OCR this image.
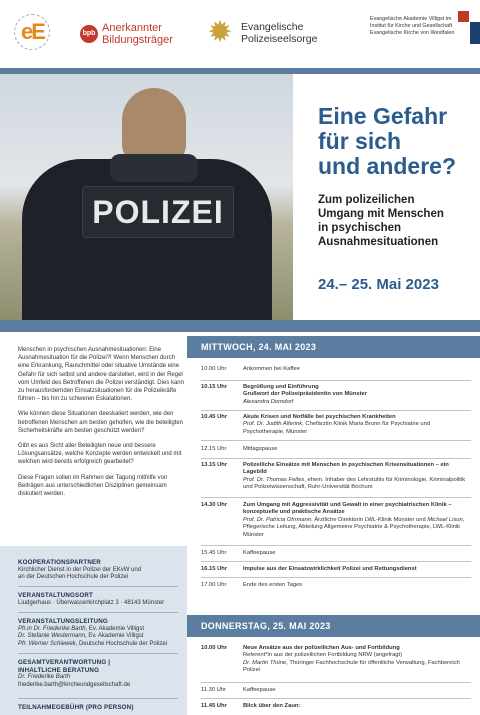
eE	bpb Anerkannter
Bildungsträger ✹ Evangelische
Polizeiseelsorge
Evangelische Akademie Villigst im
Institut für Kirche und Gesellschaft
Evangelische Kirche von Westfalen
POLIZEI
Eine Gefahr
für sich
und andere?
Zum polizeilichen
Umgang mit Menschen
in psychischen
Ausnahmesituationen
24.– 25. Mai 2023

Menschen in psychischen Ausnahmesituationen: Eine Ausnahmesituation für die Polizei?! Wenn Menschen durch eine Erkrankung, Rauschmittel oder situative Umstände eine Gefahr für sich selbst und andere darstellen, wird in der Regel vom Umfeld des Betroffenen die Polizei verständigt. Dies kann zu herausfordernden Einsatzsituationen für die Polizeikräfte führen – bis hin zu schweren Eskalationen.

Wie können diese Situationen deeskaliert werden, wie den betroffenen Menschen am besten geholfen, wie die beteiligten Sicherheitskräfte am besten geschützt werden?

Gibt es aus Sicht aller Beteiligten neue und bessere Lösungsansätze, welche Konzepte werden entwickelt und mit welchen wird bereits erfolgreich gearbeitet?

Diese Fragen sollen im Rahmen der Tagung mithilfe von Beiträgen aus unterschiedlichen Disziplinen gemeinsam diskutiert werden.

KOOPERATIONSPARTNER
Kirchlicher Dienst in der Polizei der EKvW und
an der Deutschen Hochschule der Polizei
VERANSTALTUNGSORT
Liudgerhaus · Überwasserkirchplatz 3 · 48143 Münster
VERANSTALTUNGSLEITUNG
Pfr.in Dr. Friederike Barth, Ev. Akademie Villigst
Dr. Stefanie Westermann, Ev. Akademie Villigst
Pfr. Werner Schiewek, Deutsche Hochschule der Polizei
GESAMTVERANTWORTUNG |
INHALTLICHE BERATUNG
Dr. Friederike Barth
friederike.barth@kircheundgesellschaft.de
TEILNAHMEGEBÜHR (PRO PERSON)
MITTWOCH, 24. MAI 2023
10.00 Uhr	Ankommen bei Kaffee
10.15 Uhr	Begrüßung und Einführung
Grußwort der Polizeipräsidentin von Münster
Alexandra Dorndorf
10.45 Uhr	Akute Krisen und Notfälle bei psychischen Krankheiten
Prof. Dr. Judith Alferink, Chefärztin Klinik Maria Brunn für Psychiatrie und Psychotherapie, Münster
12.15 Uhr	Mittagspause
13.15 Uhr	Polizeiliche Einsätze mit Menschen in psychischen Krisensituationen – ein Lagebild
Prof. Dr. Thomas Feltes, ehem. Inhaber des Lehrstuhls für Kriminologie, Kriminalpolitik und Polizeiwissenschaft, Ruhr-Universität Bochum
14.30 Uhr	Zum Umgang mit Aggressivität und Gewalt in einer psychiatrischen Klinik – konzeptuelle und praktische Ansätze
Prof. Dr. Patricia Ohrmann, Ärztliche Direktorin LWL-Klinik Münster und Michael Lison, Pflegerische Leitung, Abteilung Allgemeine Psychiatrie & Psychotherapie, LWL-Klinik Münster
15.45 Uhr	Kaffeepause
16.15 Uhr	Impulse aus der Einsatzwirklichkeit Polizei und Rettungsdienst
17.00 Uhr	Ende des ersten Tages
DONNERSTAG, 25. MAI 2023
10.00 Uhr	Neue Ansätze aus der polizeilichen Aus- und Fortbildung
Referent*in aus der polizeilichen Fortbildung NRW (angefragt)
Dr. Martin Thüne, Thüringer Fachhochschule für öffentliche Verwaltung, Fachbereich Polizei
11.30 Uhr	Kaffeepause
11.45 Uhr	Blick über den Zaun:
